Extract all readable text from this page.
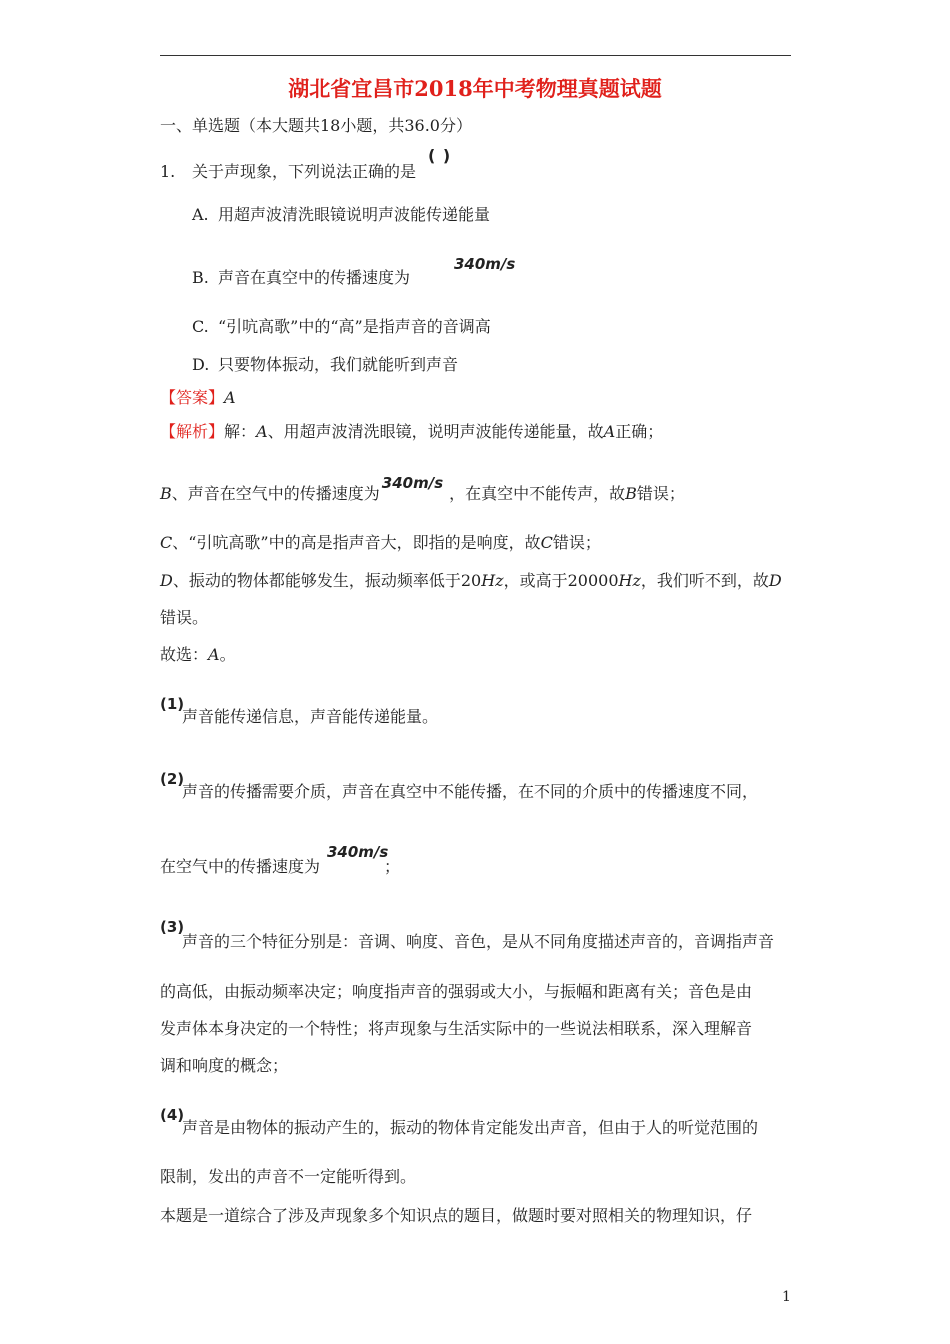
湖北省宜昌市2018年中考物理真题试题
一、单选题（本大题共18小题，共36.0分）
1. 关于声现象，下列说法正确的是
( )
A. 用超声波清洗眼镜说明声波能传递能量
B. 声音在真空中的传播速度为
340m/s
C. “引吭高歌”中的“高”是指声音的音调高
D. 只要物体振动，我们就能听到声音
【答案】A
【解析】解：A、用超声波清洗眼镜，说明声波能传递能量，故A正确；
B、声音在空气中的传播速度为340m/s，在真空中不能传声，故B错误；
C、“引吭高歌”中的高是指声音大，即指的是响度，故C错误；
D、振动的物体都能够发生，振动频率低于20Hz，或高于20000Hz，我们听不到，故D
错误。
故选：A。
(1)
声音能传递信息，声音能传递能量。
(2)
声音的传播需要介质，声音在真空中不能传播，在不同的介质中的传播速度不同，
在空气中的传播速度为
340m/s
；
(3)
声音的三个特征分别是：音调、响度、音色，是从不同角度描述声音的，音调指声音
的高低，由振动频率决定；响度指声音的强弱或大小，与振幅和距离有关；音色是由
发声体本身决定的一个特性；将声现象与生活实际中的一些说法相联系，深入理解音
调和响度的概念；
(4)
声音是由物体的振动产生的，振动的物体肯定能发出声音，但由于人的听觉范围的
限制，发出的声音不一定能听得到。
本题是一道综合了涉及声现象多个知识点的题目，做题时要对照相关的物理知识，仔
1
